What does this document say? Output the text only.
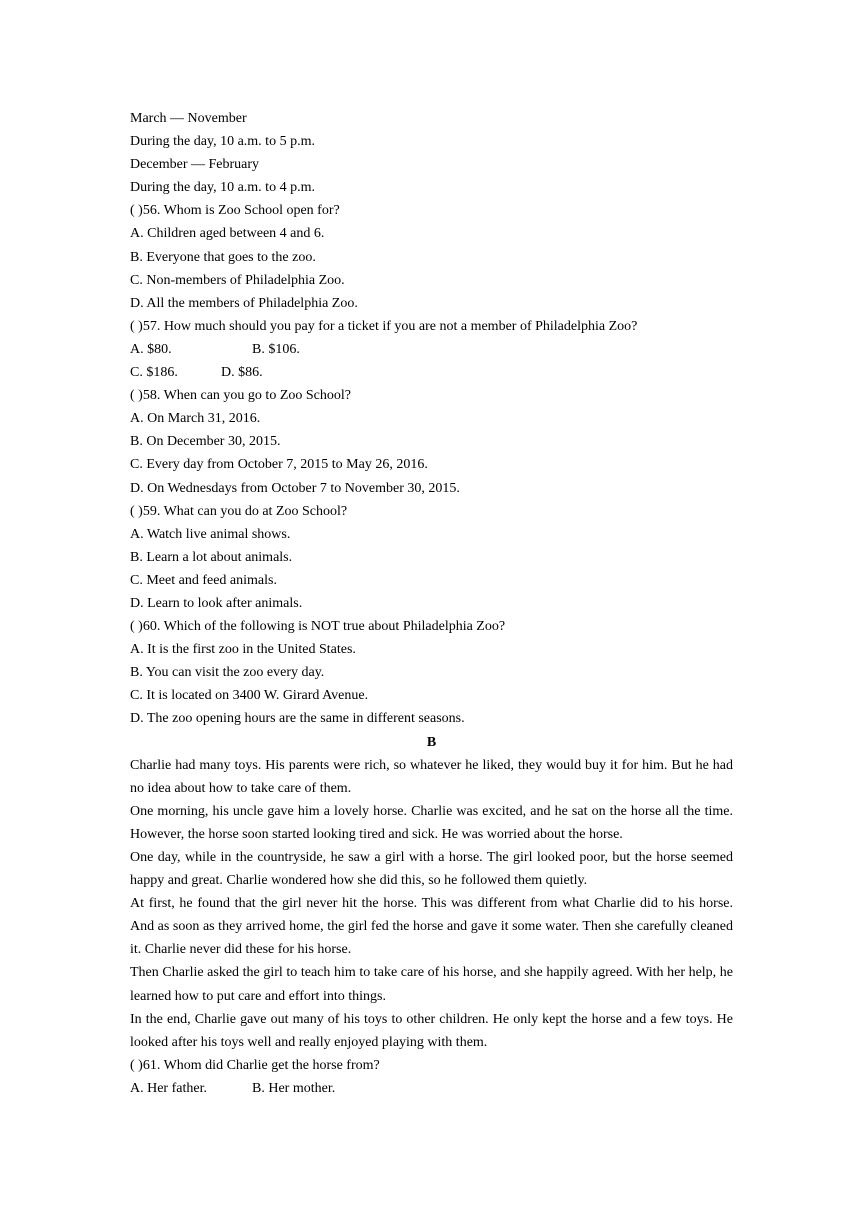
March — November
During the day, 10 a.m. to 5 p.m.
December — February
During the day, 10 a.m. to 4 p.m.
( )56. Whom is Zoo School open for?
A. Children aged between 4 and 6.
B. Everyone that goes to the zoo.
C. Non-members of Philadelphia Zoo.
D. All the members of Philadelphia Zoo.
( )57. How much should you pay for a ticket if you are not a member of Philadelphia Zoo?
A. $80.	B. $106.
C. $186.	D. $86.
( )58. When can you go to Zoo School?
A. On March 31, 2016.
B. On December 30, 2015.
C. Every day from October 7, 2015 to May 26, 2016.
D. On Wednesdays from October 7 to November 30, 2015.
( )59. What can you do at Zoo School?
A. Watch live animal shows.
B. Learn a lot about animals.
C. Meet and feed animals.
D. Learn to look after animals.
( )60. Which of the following is NOT true about Philadelphia Zoo?
A. It is the first zoo in the United States.
B. You can visit the zoo every day.
C. It is located on 3400 W. Girard Avenue.
D. The zoo opening hours are the same in different seasons.
B
Charlie had many toys. His parents were rich, so whatever he liked, they would buy it for him. But he had no idea about how to take care of them.
One morning, his uncle gave him a lovely horse. Charlie was excited, and he sat on the horse all the time. However, the horse soon started looking tired and sick. He was worried about the horse.
One day, while in the countryside, he saw a girl with a horse. The girl looked poor, but the horse seemed happy and great. Charlie wondered how she did this, so he followed them quietly.
At first, he found that the girl never hit the horse. This was different from what Charlie did to his horse. And as soon as they arrived home, the girl fed the horse and gave it some water. Then she carefully cleaned it. Charlie never did these for his horse.
Then Charlie asked the girl to teach him to take care of his horse, and she happily agreed. With her help, he learned how to put care and effort into things.
In the end, Charlie gave out many of his toys to other children. He only kept the horse and a few toys. He looked after his toys well and really enjoyed playing with them.
( )61. Whom did Charlie get the horse from?
A. Her father.	B. Her mother.
